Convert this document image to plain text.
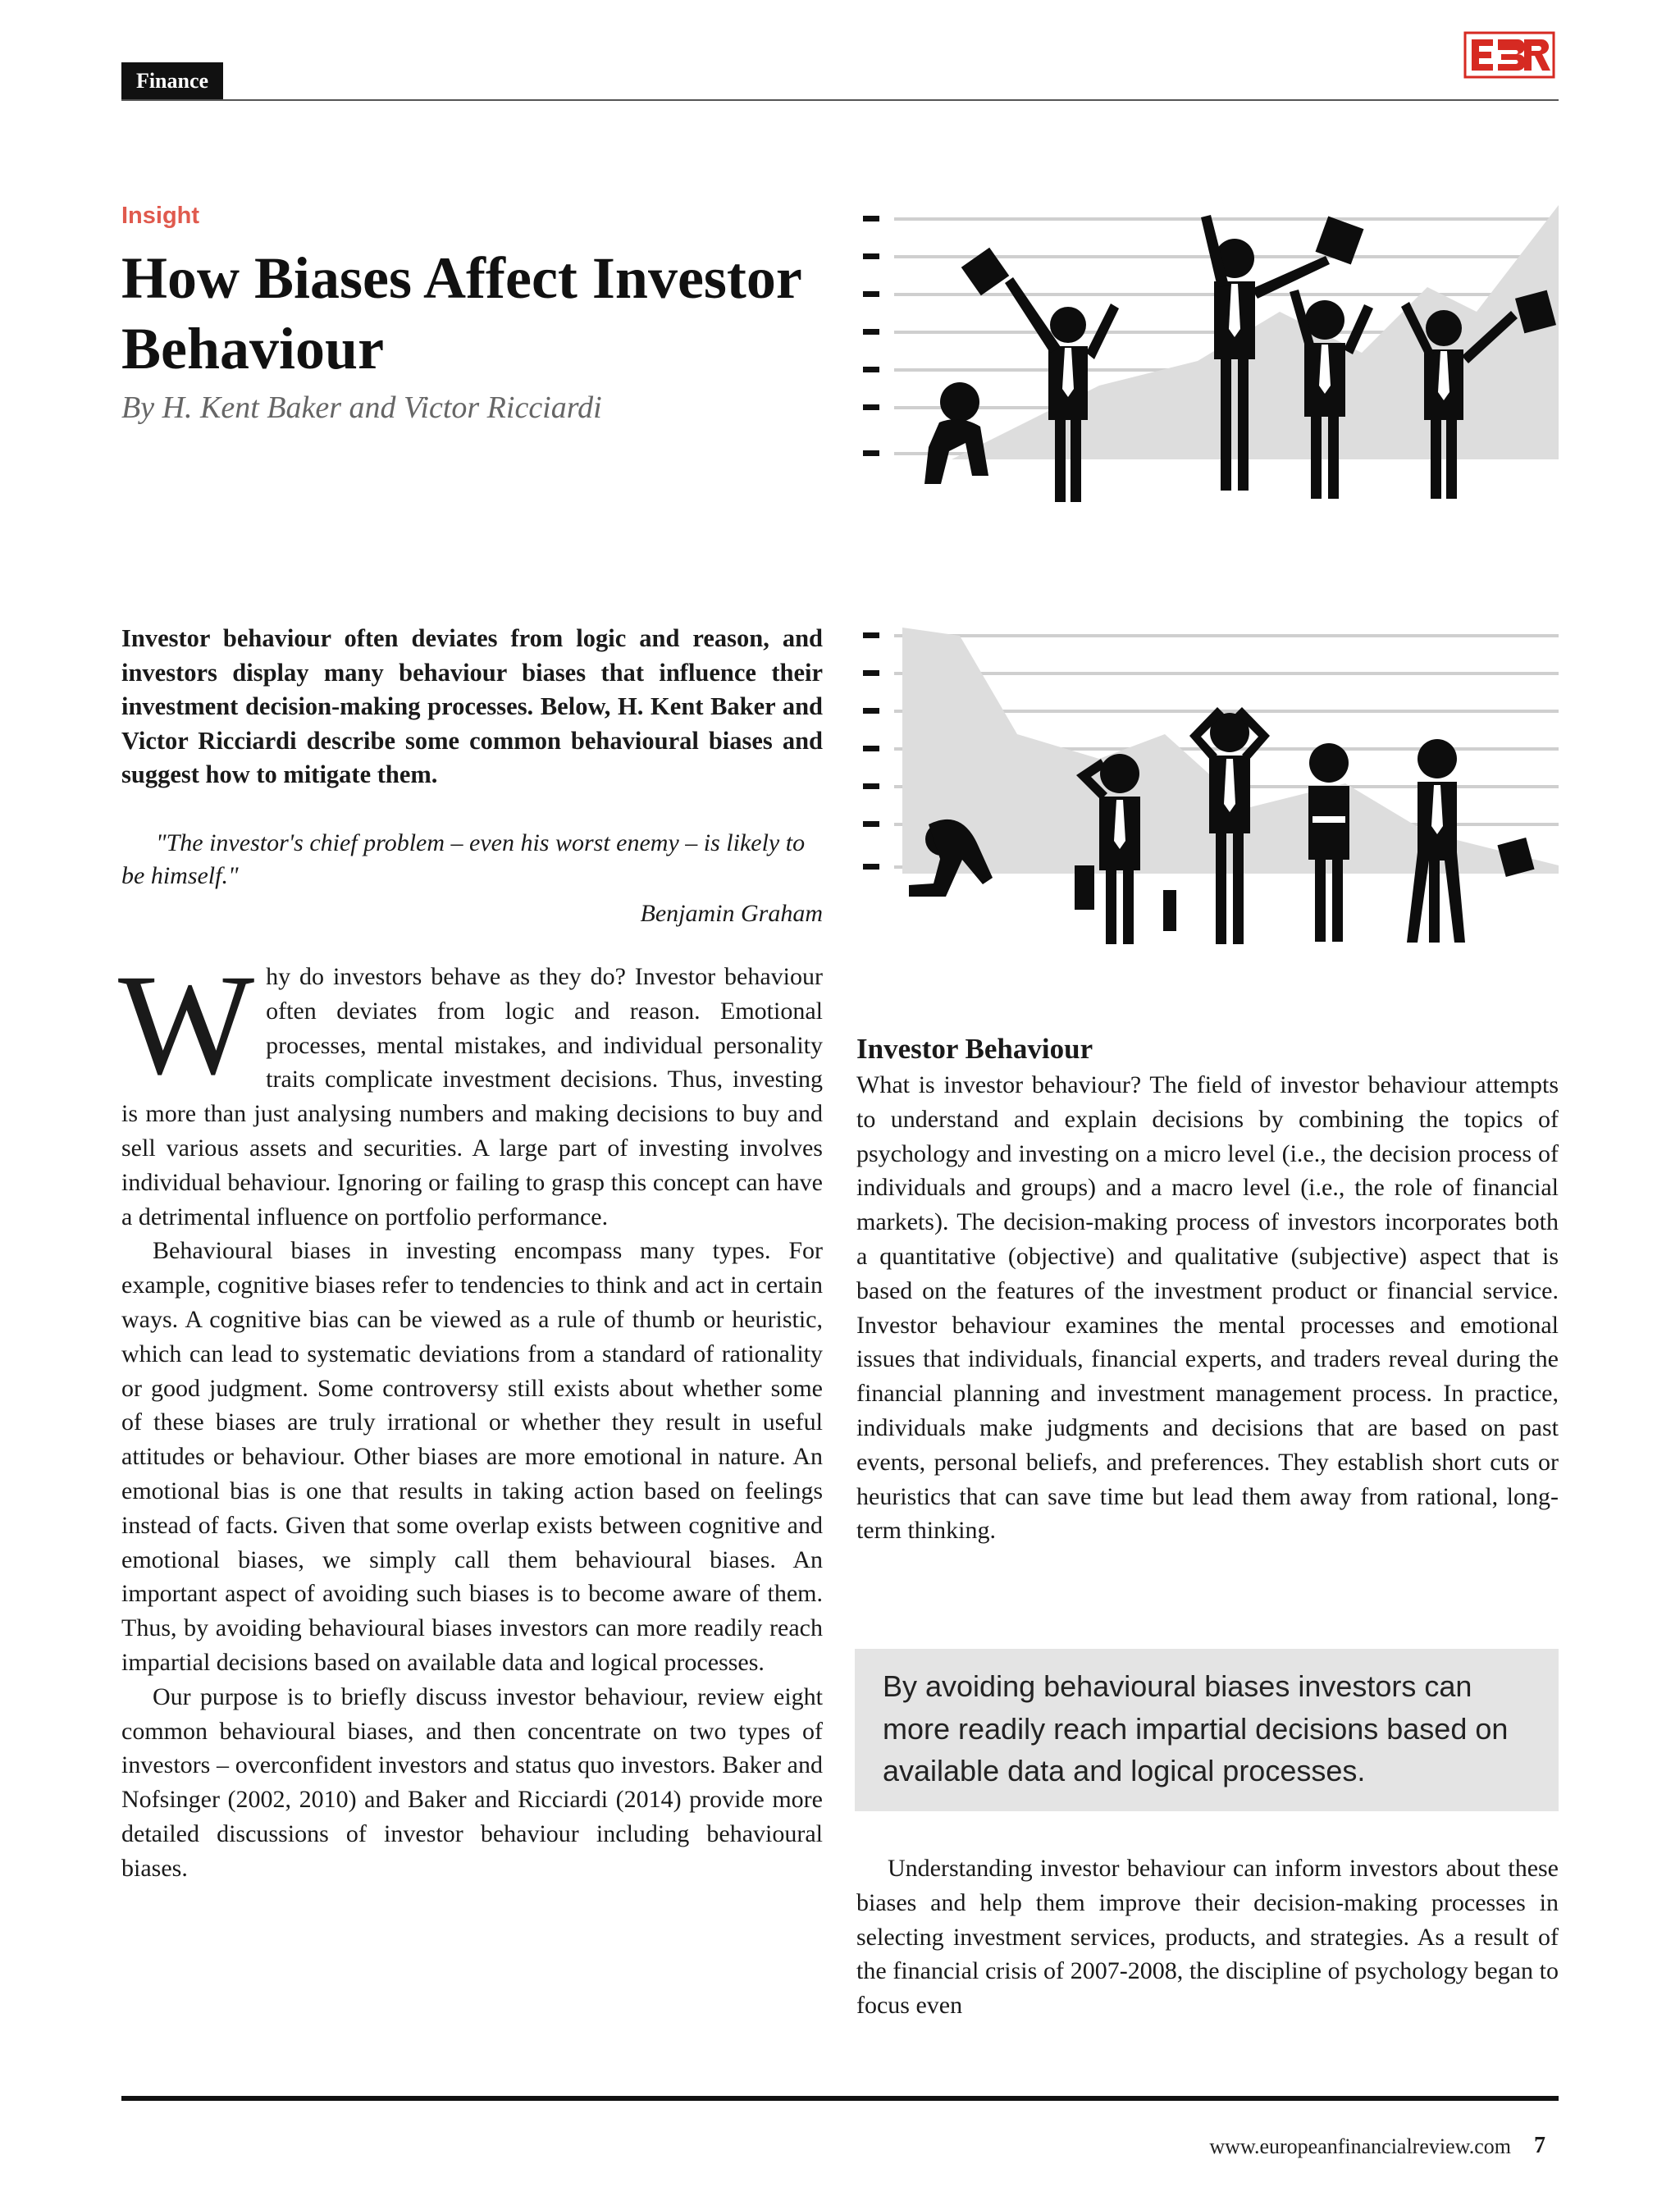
Finance
Insight
How Biases Affect Investor Behaviour
By H. Kent Baker and Victor Ricciardi

Investor behaviour often deviates from logic and reason, and investors display many behaviour biases that influence their investment decision-making processes. Below, H. Kent Baker and Victor Ricciardi describe some common behavioural biases and suggest how to mitigate them.

"The investor's chief problem – even his worst enemy – is likely to be himself."

Benjamin Graham

Why do investors behave as they do? Investor behaviour often deviates from logic and reason. Emotional processes, mental mistakes, and individual personality traits complicate investment decisions. Thus, investing is more than just analysing numbers and making decisions to buy and sell various assets and securities. A large part of investing involves individual behaviour. Ignoring or failing to grasp this concept can have a detrimental influence on portfolio performance.

Behavioural biases in investing encompass many types. For example, cognitive biases refer to tendencies to think and act in certain ways. A cognitive bias can be viewed as a rule of thumb or heuristic, which can lead to systematic deviations from a standard of rationality or good judgment. Some controversy still exists about whether some of these biases are truly irrational or whether they result in useful attitudes or behaviour. Other biases are more emotional in nature. An emotional bias is one that results in taking action based on feelings instead of facts. Given that some overlap exists between cognitive and emotional biases, we simply call them behavioural biases. An important aspect of avoiding such biases is to become aware of them. Thus, by avoiding behavioural biases investors can more readily reach impartial decisions based on available data and logical processes.

Our purpose is to briefly discuss investor behaviour, review eight common behavioural biases, and then concentrate on two types of investors – overconfident investors and status quo investors. Baker and Nofsinger (2002, 2010) and Baker and Ricciardi (2014) provide more detailed discussions of investor behaviour including behavioural biases.

Investor Behaviour

What is investor behaviour? The field of investor behaviour attempts to understand and explain decisions by combining the topics of psychology and investing on a micro level (i.e., the decision process of individuals and groups) and a macro level (i.e., the role of financial markets). The decision-making process of investors incorporates both a quantitative (objective) and qualitative (subjective) aspect that is based on the features of the investment product or financial service. Investor behaviour examines the mental processes and emotional issues that individuals, financial experts, and traders reveal during the financial planning and investment management process. In practice, individuals make judgments and decisions that are based on past events, personal beliefs, and preferences. They establish short cuts or heuristics that can save time but lead them away from rational, long-term thinking.

By avoiding behavioural biases investors can more readily reach impartial decisions based on available data and logical processes.

Understanding investor behaviour can inform investors about these biases and help them improve their decision-making processes in selecting investment services, products, and strategies. As a result of the financial crisis of 2007-2008, the discipline of psychology began to focus even

www.europeanfinancialreview.com 7
